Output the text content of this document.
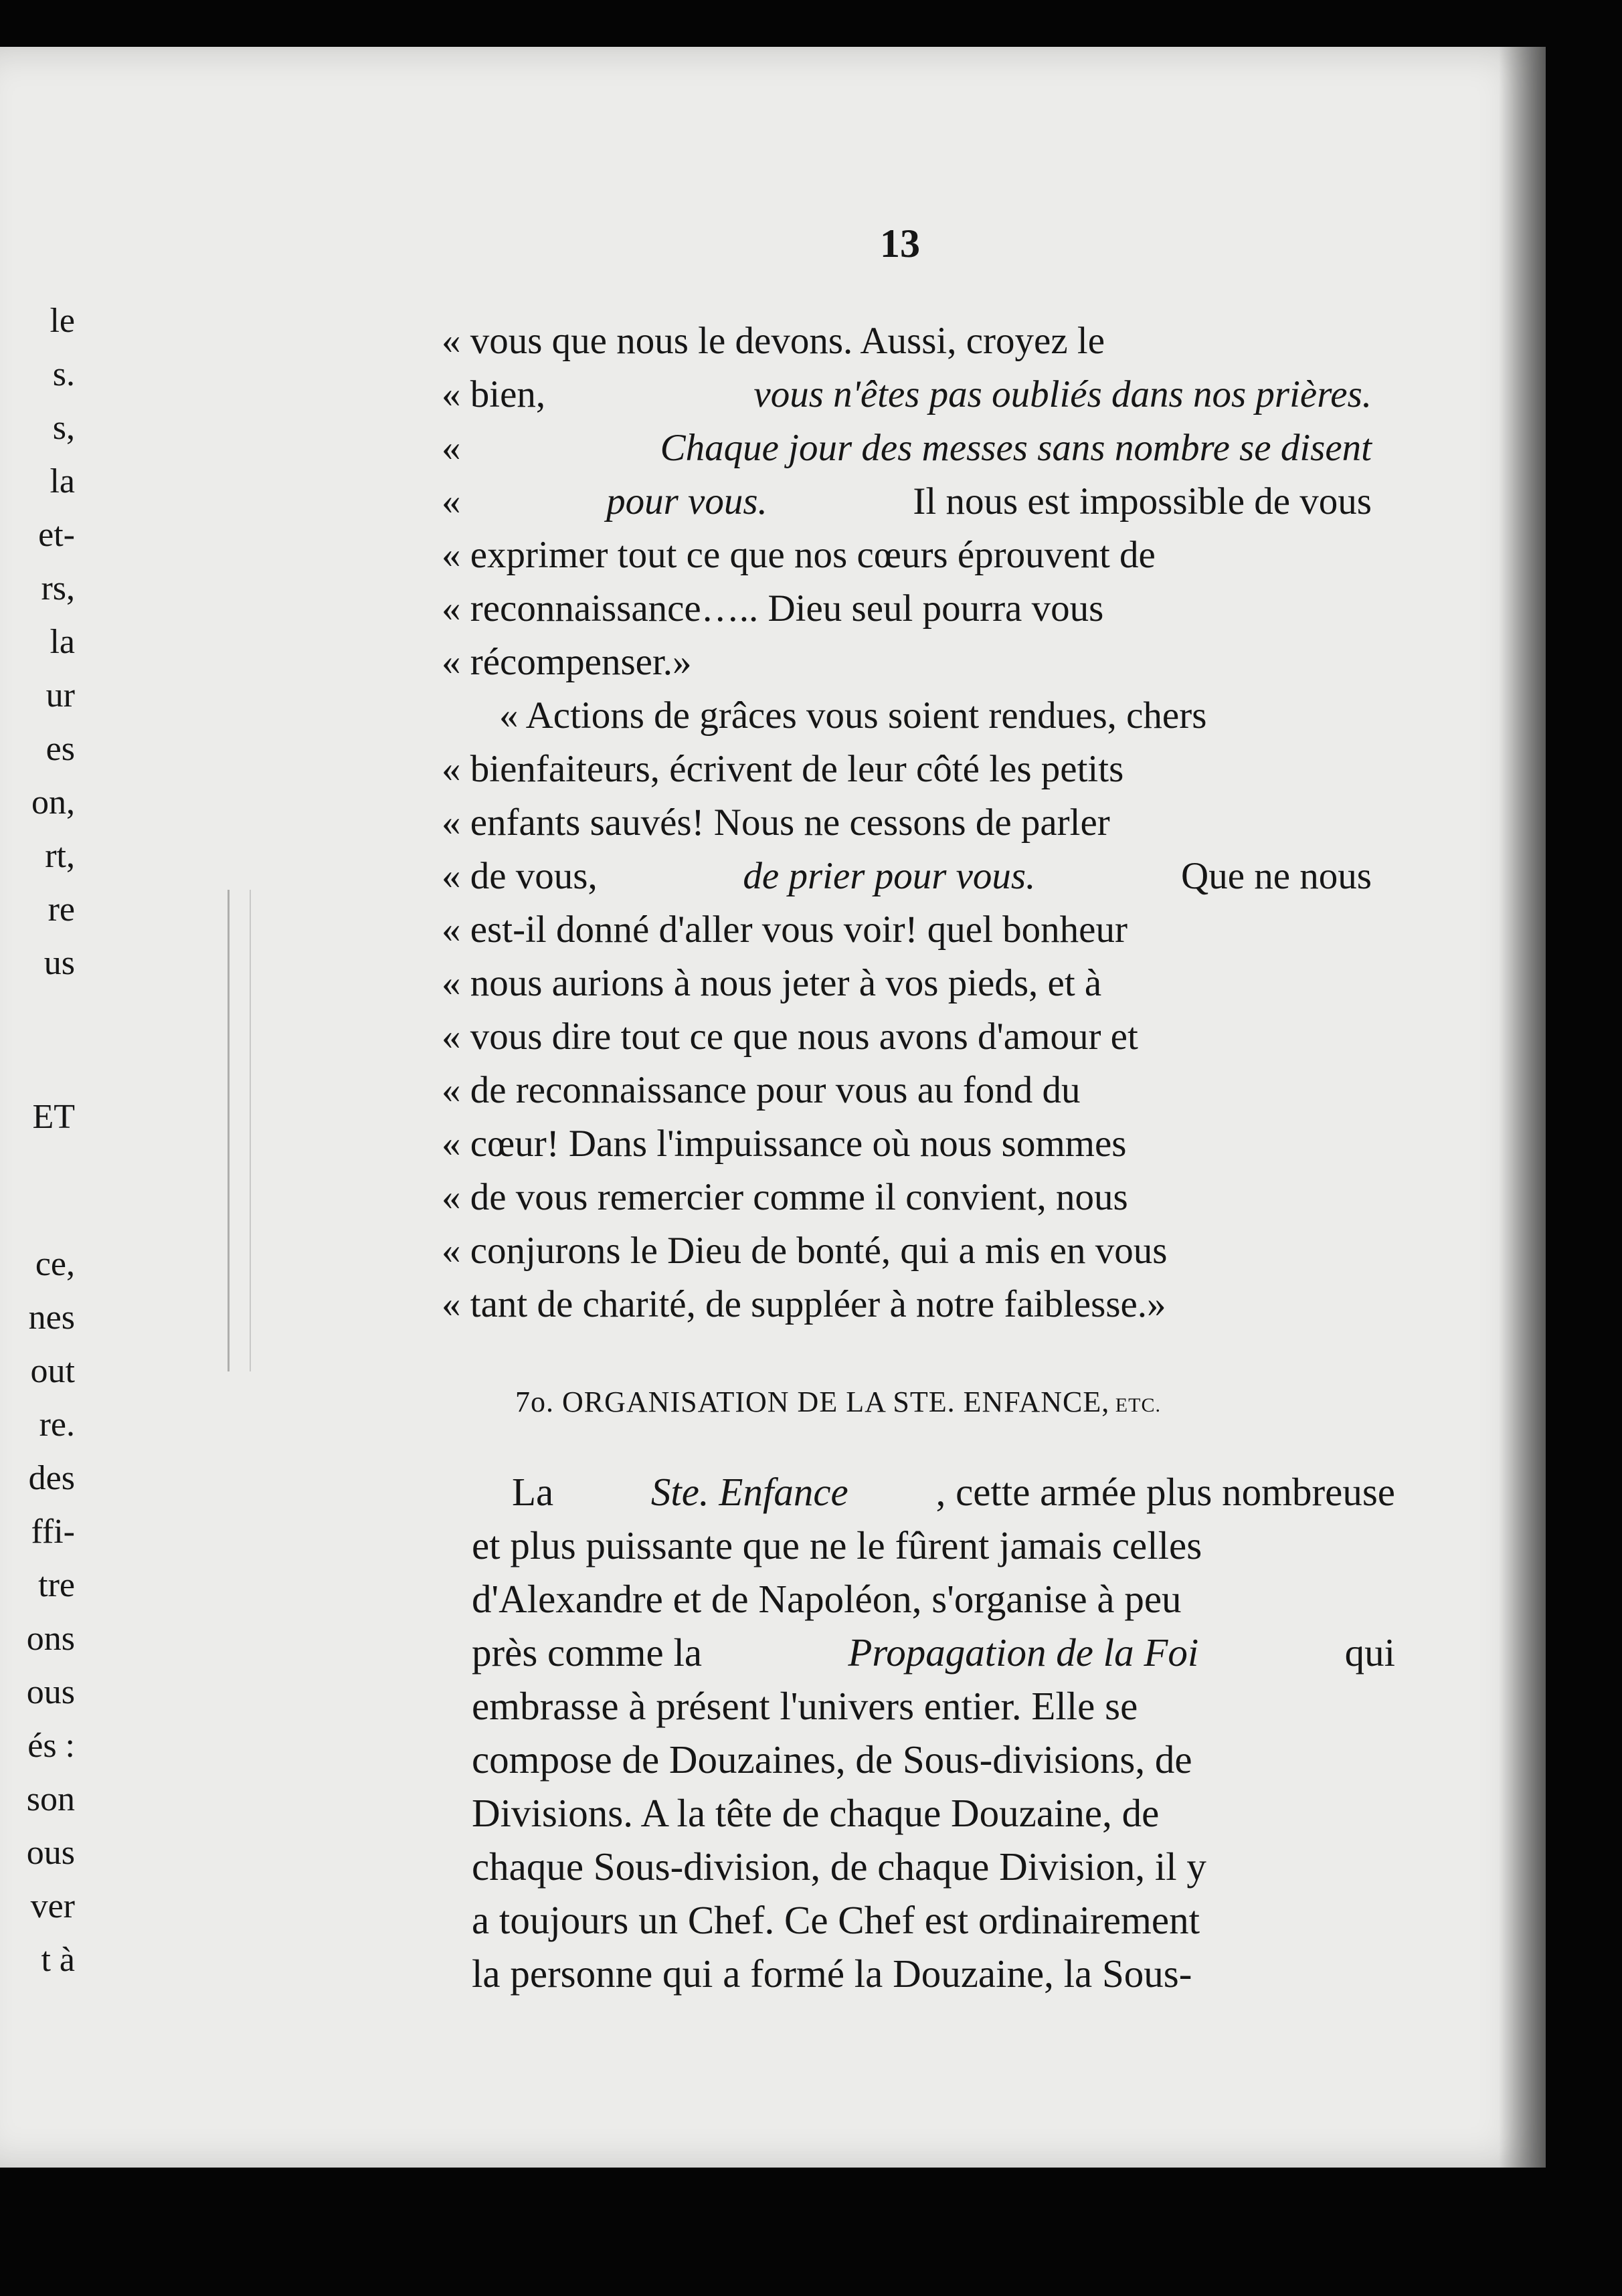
le
s.
s,
la
et-
rs,
la
ur
es
on,
rt,
re
us
ET
ce,
nes
out
re.
des
ffi-
tre
ons
ous
és :
son
ous
ver
t à
13
« vous que nous le devons. Aussi, croyez le
« bien,	vous n'êtes pas oubliés dans nos prières.
«	Chaque jour des messes sans nombre se disent
«	pour vous.	Il nous est impossible de vous
« exprimer tout ce que nos cœurs éprouvent de
« reconnaissance….. Dieu seul pourra vous
« récompenser.»
« Actions de grâces vous soient rendues, chers
« bienfaiteurs, écrivent de leur côté les petits
« enfants sauvés! Nous ne cessons de parler
« de vous,	de prier pour vous.	Que ne nous
« est-il donné d'aller vous voir! quel bonheur
« nous aurions à nous jeter à vos pieds, et à
« vous dire tout ce que nous avons d'amour et
« de reconnaissance pour vous au fond du
« cœur! Dans l'impuissance où nous sommes
« de vous remercier comme il convient, nous
« conjurons le Dieu de bonté, qui a mis en vous
« tant de charité, de suppléer à notre faiblesse.»
7o. ORGANISATION DE LA STE. ENFANCE, ETC.
La Ste. Enfance , cette armée plus nombreuse
et plus puissante que ne le fûrent jamais celles
d'Alexandre et de Napoléon, s'organise à peu
près comme la	Propagation de la Foi	qui
embrasse à présent l'univers entier. Elle se
compose de Douzaines, de Sous-divisions, de
Divisions. A la tête de chaque Douzaine, de
chaque Sous-division, de chaque Division, il y
a toujours un Chef. Ce Chef est ordinairement
la personne qui a formé la Douzaine, la Sous-
